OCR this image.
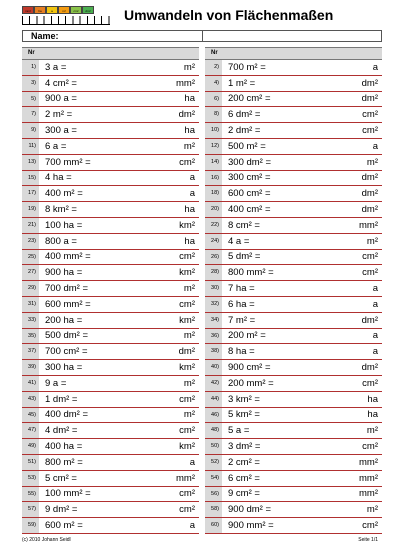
mm²	ha	a	m²	cm²	dm² Umwandeln von Flächenmaßen
Name:
Nr
1) 3 a =	m²
3) 4 cm² =	mm²
5) 900 a =	ha
7) 2 m² =	dm²
9) 300 a =	ha
11) 6 a =	m²
13) 700 mm² =	cm²
15) 4 ha =	a
17) 400 m² =	a
19) 8 km² =	ha
21) 100 ha =	km²
23) 800 a =	ha
25) 400 mm² =	cm²
27) 900 ha =	km²
29) 700 dm² =	m²
31) 600 mm² =	cm²
33) 200 ha =	km²
35) 500 dm² =	m²
37) 700 cm² =	dm²
39) 300 ha =	km²
41) 9 a =	m²
43) 1 dm² =	cm²
45) 400 dm² =	m²
47) 4 dm² =	cm²
49) 400 ha =	km²
51) 800 m² =	a
53) 5 cm² =	mm²
55) 100 mm² =	cm²
57) 9 dm² =	cm²
59) 600 m² =	a
Nr
2) 700 m² =	a
4) 1 m² =	dm²
6) 200 cm² =	dm²
8) 6 dm² =	cm²
10) 2 dm² =	cm²
12) 500 m² =	a
14) 300 dm² =	m²
16) 300 cm² =	dm²
18) 600 cm² =	dm²
20) 400 cm² =	dm²
22) 8 cm² =	mm²
24) 4 a =	m²
26) 5 dm² =	cm²
28) 800 mm² =	cm²
30) 7 ha =	a
32) 6 ha =	a
34) 7 m² =	dm²
36) 200 m² =	a
38) 8 ha =	a
40) 900 cm² =	dm²
42) 200 mm² =	cm²
44) 3 km² =	ha
46) 5 km² =	ha
48) 5 a =	m²
50) 3 dm² =	cm²
52) 2 cm² =	mm²
54) 6 cm² =	mm²
56) 9 cm² =	mm²
58) 900 dm² =	m²
60) 900 mm² =	cm²
(c) 2010 Johann Seidl	Seite 1/1
